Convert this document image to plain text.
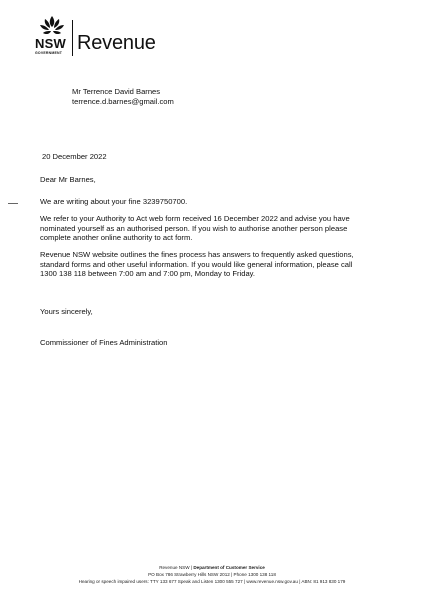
NSW
GOVERNMENT Revenue
Mr Terrence David Barnes
terrence.d.barnes@gmail.com
20 December 2022
Dear Mr Barnes,
We are writing about your fine 3239750700.
We refer to your Authority to Act web form received 16 December 2022 and advise you have
nominated yourself as an authorised person. If you wish to authorise another person please
complete another online authority to act form.
Revenue NSW website outlines the fines process has answers to frequently asked questions,
standard forms and other useful information. If you would like general information, please call
1300 138 118 between 7:00 am and 7:00 pm, Monday to Friday.
Yours sincerely,
Commissioner of Fines Administration
Revenue NSW | Department of Customer Service
PO Box 786 Strawberry Hills NSW 2012 | Phone 1300 138 118
Hearing or speech impaired users: TTY 133 677 Speak and Listen 1300 555 727 | www.revenue.nsw.gov.au | ABN: 81 913 830 179
